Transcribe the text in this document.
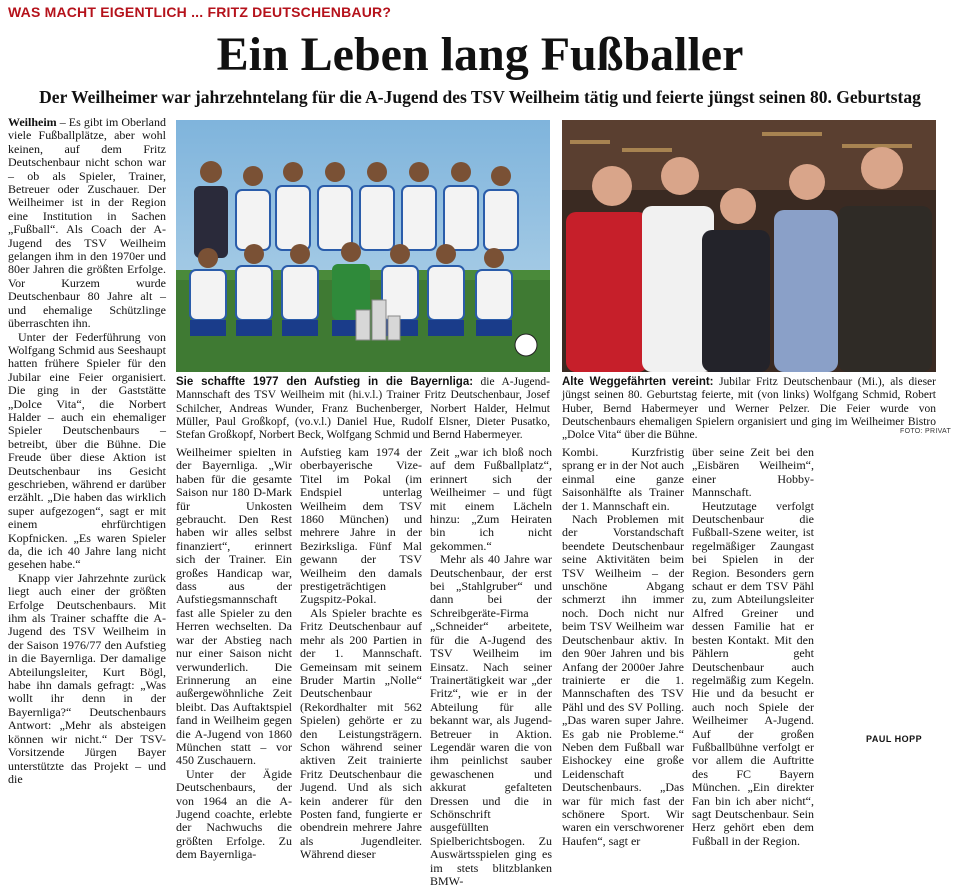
WAS MACHT EIGENTLICH ... FRITZ DEUTSCHENBAUR?
Ein Leben lang Fußballer
Der Weilheimer war jahrzehntelang für die A-Jugend des TSV Weilheim tätig und feierte jüngst seinen 80. Geburtstag

Weilheim – Es gibt im Oberland viele Fußballplätze, aber wohl keinen, auf dem Fritz Deutschenbaur nicht schon war – ob als Spieler, Trainer, Betreuer oder Zuschauer. Der Weilheimer ist in der Region eine Institution in Sachen „Fußball“. Als Coach der A-Jugend des TSV Weilheim gelangen ihm in den 1970er und 80er Jahren die größten Erfolge. Vor Kurzem wurde Deutschenbaur 80 Jahre alt – und ehemalige Schützlinge überraschten ihn.

Unter der Federführung von Wolfgang Schmid aus Seeshaupt hatten frühere Spieler für den Jubilar eine Feier organisiert. Die ging in der Gaststätte „Dolce Vita“, die Norbert Halder – auch ein ehemaliger Spieler Deutschenbaurs – betreibt, über die Bühne. Die Freude über diese Aktion ist Deutschenbaur ins Gesicht geschrieben, während er darüber erzählt. „Die haben das wirklich super aufgezogen“, sagt er mit einem ehrfürchtigen Kopfnicken. „Es waren Spieler da, die ich 40 Jahre lang nicht gesehen habe.“

Knapp vier Jahrzehnte zurück liegt auch einer der größten Erfolge Deutschenbaurs. Mit ihm als Trainer schaffte die A-Jugend des TSV Weilheim in der Saison 1976/77 den Aufstieg in die Bayernliga. Der damalige Abteilungsleiter, Kurt Bögl, habe ihn damals gefragt: „Was wollt ihr denn in der Bayernliga?“ Deutschenbaurs Antwort: „Mehr als absteigen können wir nicht.“ Der TSV-Vorsitzende Jürgen Bayer unterstützte das Projekt – und die

Sie schaffte 1977 den Aufstieg in die Bayernliga: die A-Jugend-Mannschaft des TSV Weilheim mit (hi.v.l.) Trainer Fritz Deutschenbaur, Josef Schilcher, Andreas Wunder, Franz Buchenberger, Norbert Halder, Helmut Müller, Paul Großkopf, (vo.v.l.) Daniel Hue, Rudolf Elsner, Dieter Pusatko, Stefan Großkopf, Norbert Beck, Wolfgang Schmid und Bernd Habermeyer.
Alte Weggefährten vereint: Jubilar Fritz Deutschenbaur (Mi.), als dieser jüngst seinen 80. Geburtstag feierte, mit (von links) Wolfgang Schmid, Robert Huber, Bernd Habermeyer und Werner Pelzer. Die Feier wurde von Deutschenbaurs ehemaligen Spielern organisiert und ging im Weilheimer Bistro „Dolce Vita“ über die Bühne.	FOTO: PRIVAT

Weilheimer spielten in der Bayernliga. „Wir haben für die gesamte Saison nur 180 D-Mark für Unkosten gebraucht. Den Rest haben wir alles selbst finanziert“, erinnert sich der Trainer. Ein großes Handicap war, dass aus der Aufstiegsmannschaft fast alle Spieler zu den Herren wechselten. Da war der Abstieg nach nur einer Saison nicht verwunderlich. Die Erinnerung an eine außergewöhnliche Zeit bleibt. Das Auftaktspiel fand in Weilheim gegen die A-Jugend von 1860 München statt – vor 450 Zuschauern.

Unter der Ägide Deutschenbaurs, der von 1964 an die A-Jugend coachte, erlebte der Nachwuchs die größten Erfolge. Zu dem Bayernliga-

Aufstieg kam 1974 der oberbayerische Vize-Titel im Pokal (im Endspiel unterlag Weilheim dem TSV 1860 München) und mehrere Jahre in der Bezirksliga. Fünf Mal gewann der TSV Weilheim den damals prestigeträchtigen Zugspitz-Pokal.

Als Spieler brachte es Fritz Deutschenbaur auf mehr als 200 Partien in der 1. Mannschaft. Gemeinsam mit seinem Bruder Martin „Nolle“ Deutschenbaur (Rekordhalter mit 562 Spielen) gehörte er zu den Leistungsträgern. Schon während seiner aktiven Zeit trainierte Fritz Deutschenbaur die Jugend. Und als sich kein anderer für den Posten fand, fungierte er obendrein mehrere Jahre als Jugendleiter. Während dieser

Zeit „war ich bloß noch auf dem Fußballplatz“, erinnert sich der Weilheimer – und fügt mit einem Lächeln hinzu: „Zum Heiraten bin ich nicht gekommen.“

Mehr als 40 Jahre war Deutschenbaur, der erst bei „Stahlgruber“ und dann bei der Schreibgeräte-Firma „Schneider“ arbeitete, für die A-Jugend des TSV Weilheim im Einsatz. Nach seiner Trainertätigkeit war „der Fritz“, wie er in der Abteilung für alle bekannt war, als Jugend-Betreuer in Aktion. Legendär waren die von ihm peinlichst sauber gewaschenen und akkurat gefalteten Dressen und die in Schönschrift ausgefüllten Spielberichtsbogen. Zu Auswärtsspielen ging es im stets blitzblanken BMW-

Kombi. Kurzfristig sprang er in der Not auch einmal eine ganze Saisonhälfte als Trainer der 1. Mannschaft ein.

Nach Problemen mit der Vorstandschaft beendete Deutschenbaur seine Aktivitäten beim TSV Weilheim – der unschöne Abgang schmerzt ihn immer noch. Doch nicht nur beim TSV Weilheim war Deutschenbaur aktiv. In den 90er Jahren und bis Anfang der 2000er Jahre trainierte er die 1. Mannschaften des TSV Pähl und des SV Polling. „Das waren super Jahre. Es gab nie Probleme.“ Neben dem Fußball war Eishockey eine große Leidenschaft Deutschenbaurs. „Das war für mich fast der schönere Sport. Wir waren ein verschworener Haufen“, sagt er

über seine Zeit bei den „Eisbären Weilheim“, einer Hobby-Mannschaft.

Heutzutage verfolgt Deutschenbaur die Fußball-Szene weiter, ist regelmäßiger Zaungast bei Spielen in der Region. Besonders gern schaut er dem TSV Pähl zu, zum Abteilungsleiter Alfred Greiner und dessen Familie hat er besten Kontakt. Mit den Pählern geht Deutschenbaur auch regelmäßig zum Kegeln. Hie und da besucht er auch noch Spiele der Weilheimer A-Jugend. Auf der großen Fußballbühne verfolgt er vor allem die Auftritte des FC Bayern München. „Ein direkter Fan bin ich aber nicht“, sagt Deutschenbaur. Sein Herz gehört eben dem Fußball in der Region.

PAUL HOPP
